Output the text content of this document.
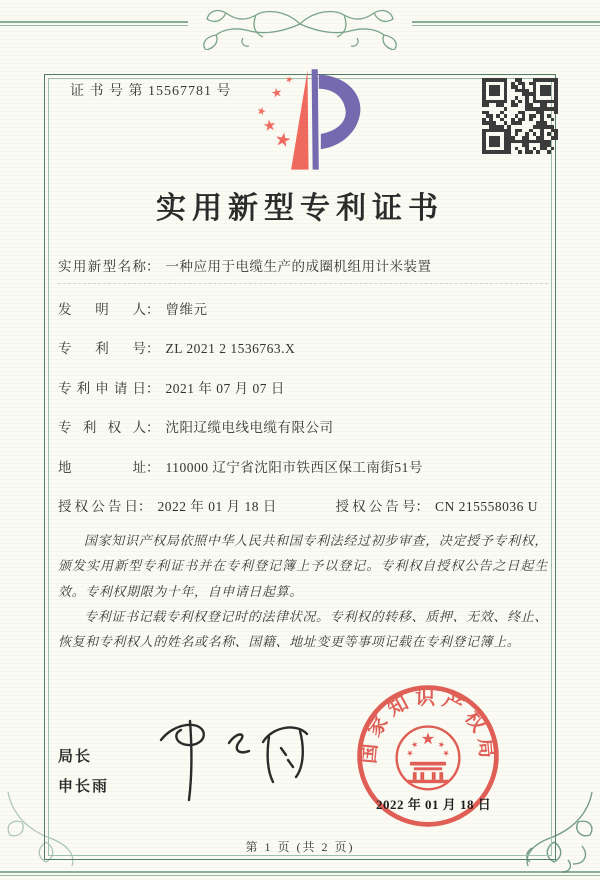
证 书 号 第 15567781 号
实用新型专利证书
实用新型名称： 一种应用于电缆生产的成圈机组用计米装置
发明人： 曾维元
专利号： ZL 2021 2 1536763.X
专利申请日： 2021 年 07 月 07 日
专利权人： 沈阳辽缆电线电缆有限公司
地址： 110000 辽宁省沈阳市铁西区保工南街51号
授权公告日： 2022 年 01 月 18 日	授权公告号： CN 215558036 U

国家知识产权局依照中华人民共和国专利法经过初步审查，决定授予专利权，颁发实用新型专利证书并在专利登记簿上予以登记。专利权自授权公告之日起生效。专利权期限为十年，自申请日起算。

专利证书记载专利权登记时的法律状况。专利权的转移、质押、无效、终止、恢复和专利权人的姓名或名称、国籍、地址变更等事项记载在专利登记簿上。

局长
申长雨
国家知识产权局
2022 年 01 月 18 日
第 1 页 (共 2 页)
